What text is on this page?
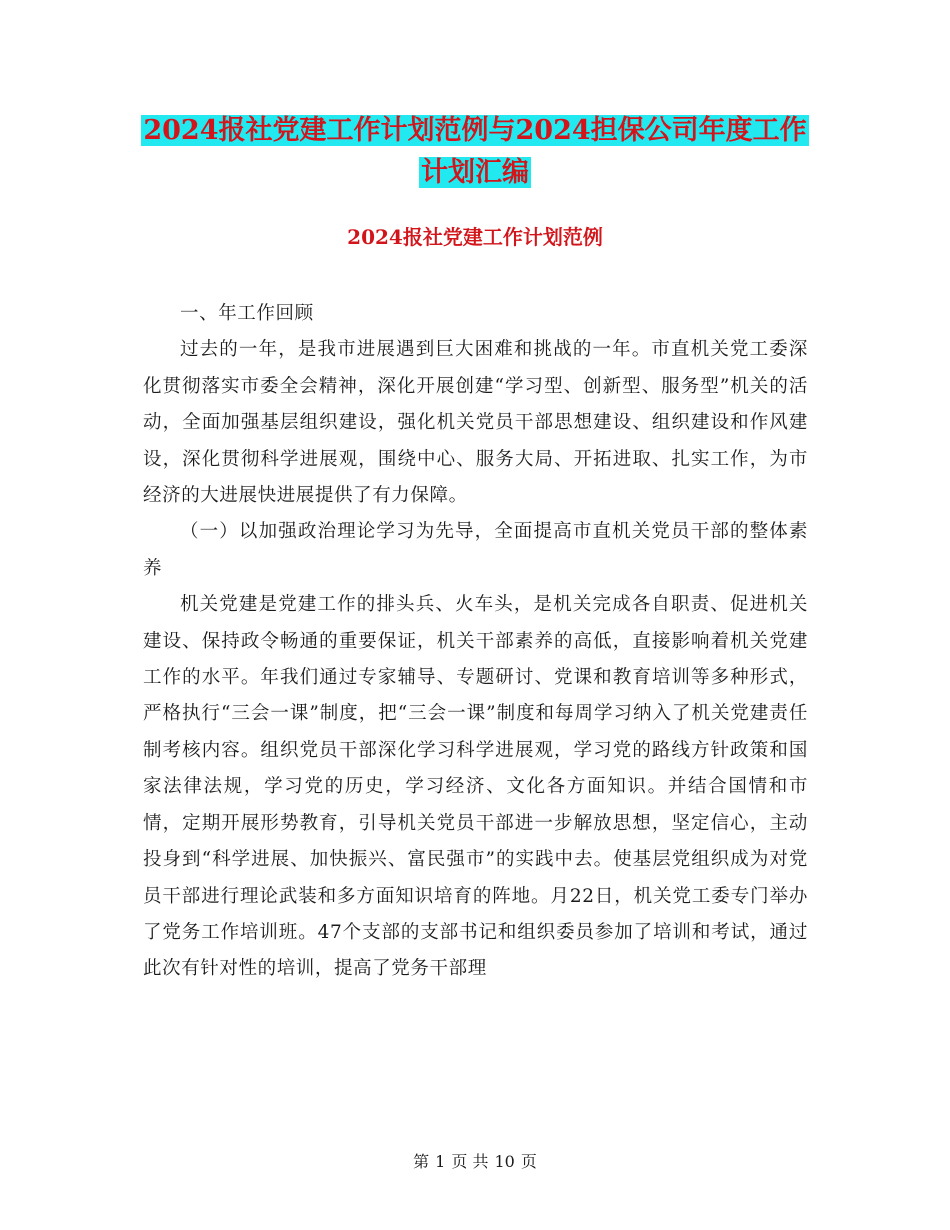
2024报社党建工作计划范例与2024担保公司年度工作
计划汇编
2024报社党建工作计划范例

一、年工作回顾

过去的一年，是我市进展遇到巨大困难和挑战的一年。市直机关党工委深化贯彻落实市委全会精神，深化开展创建“学习型、创新型、服务型”机关的活动，全面加强基层组织建设，强化机关党员干部思想建设、组织建设和作风建设，深化贯彻科学进展观，围绕中心、服务大局、开拓进取、扎实工作，为市经济的大进展快进展提供了有力保障。

（一）以加强政治理论学习为先导，全面提高市直机关党员干部的整体素养

机关党建是党建工作的排头兵、火车头，是机关完成各自职责、促进机关建设、保持政令畅通的重要保证，机关干部素养的高低，直接影响着机关党建工作的水平。年我们通过专家辅导、专题研讨、党课和教育培训等多种形式，严格执行“三会一课”制度，把“三会一课”制度和每周学习纳入了机关党建责任制考核内容。组织党员干部深化学习科学进展观，学习党的路线方针政策和国家法律法规，学习党的历史，学习经济、文化各方面知识。并结合国情和市情，定期开展形势教育，引导机关党员干部进一步解放思想，坚定信心，主动投身到“科学进展、加快振兴、富民强市”的实践中去。使基层党组织成为对党员干部进行理论武装和多方面知识培育的阵地。月22日，机关党工委专门举办了党务工作培训班。47个支部的支部书记和组织委员参加了培训和考试，通过此次有针对性的培训，提高了党务干部理

第 1 页 共 10 页
